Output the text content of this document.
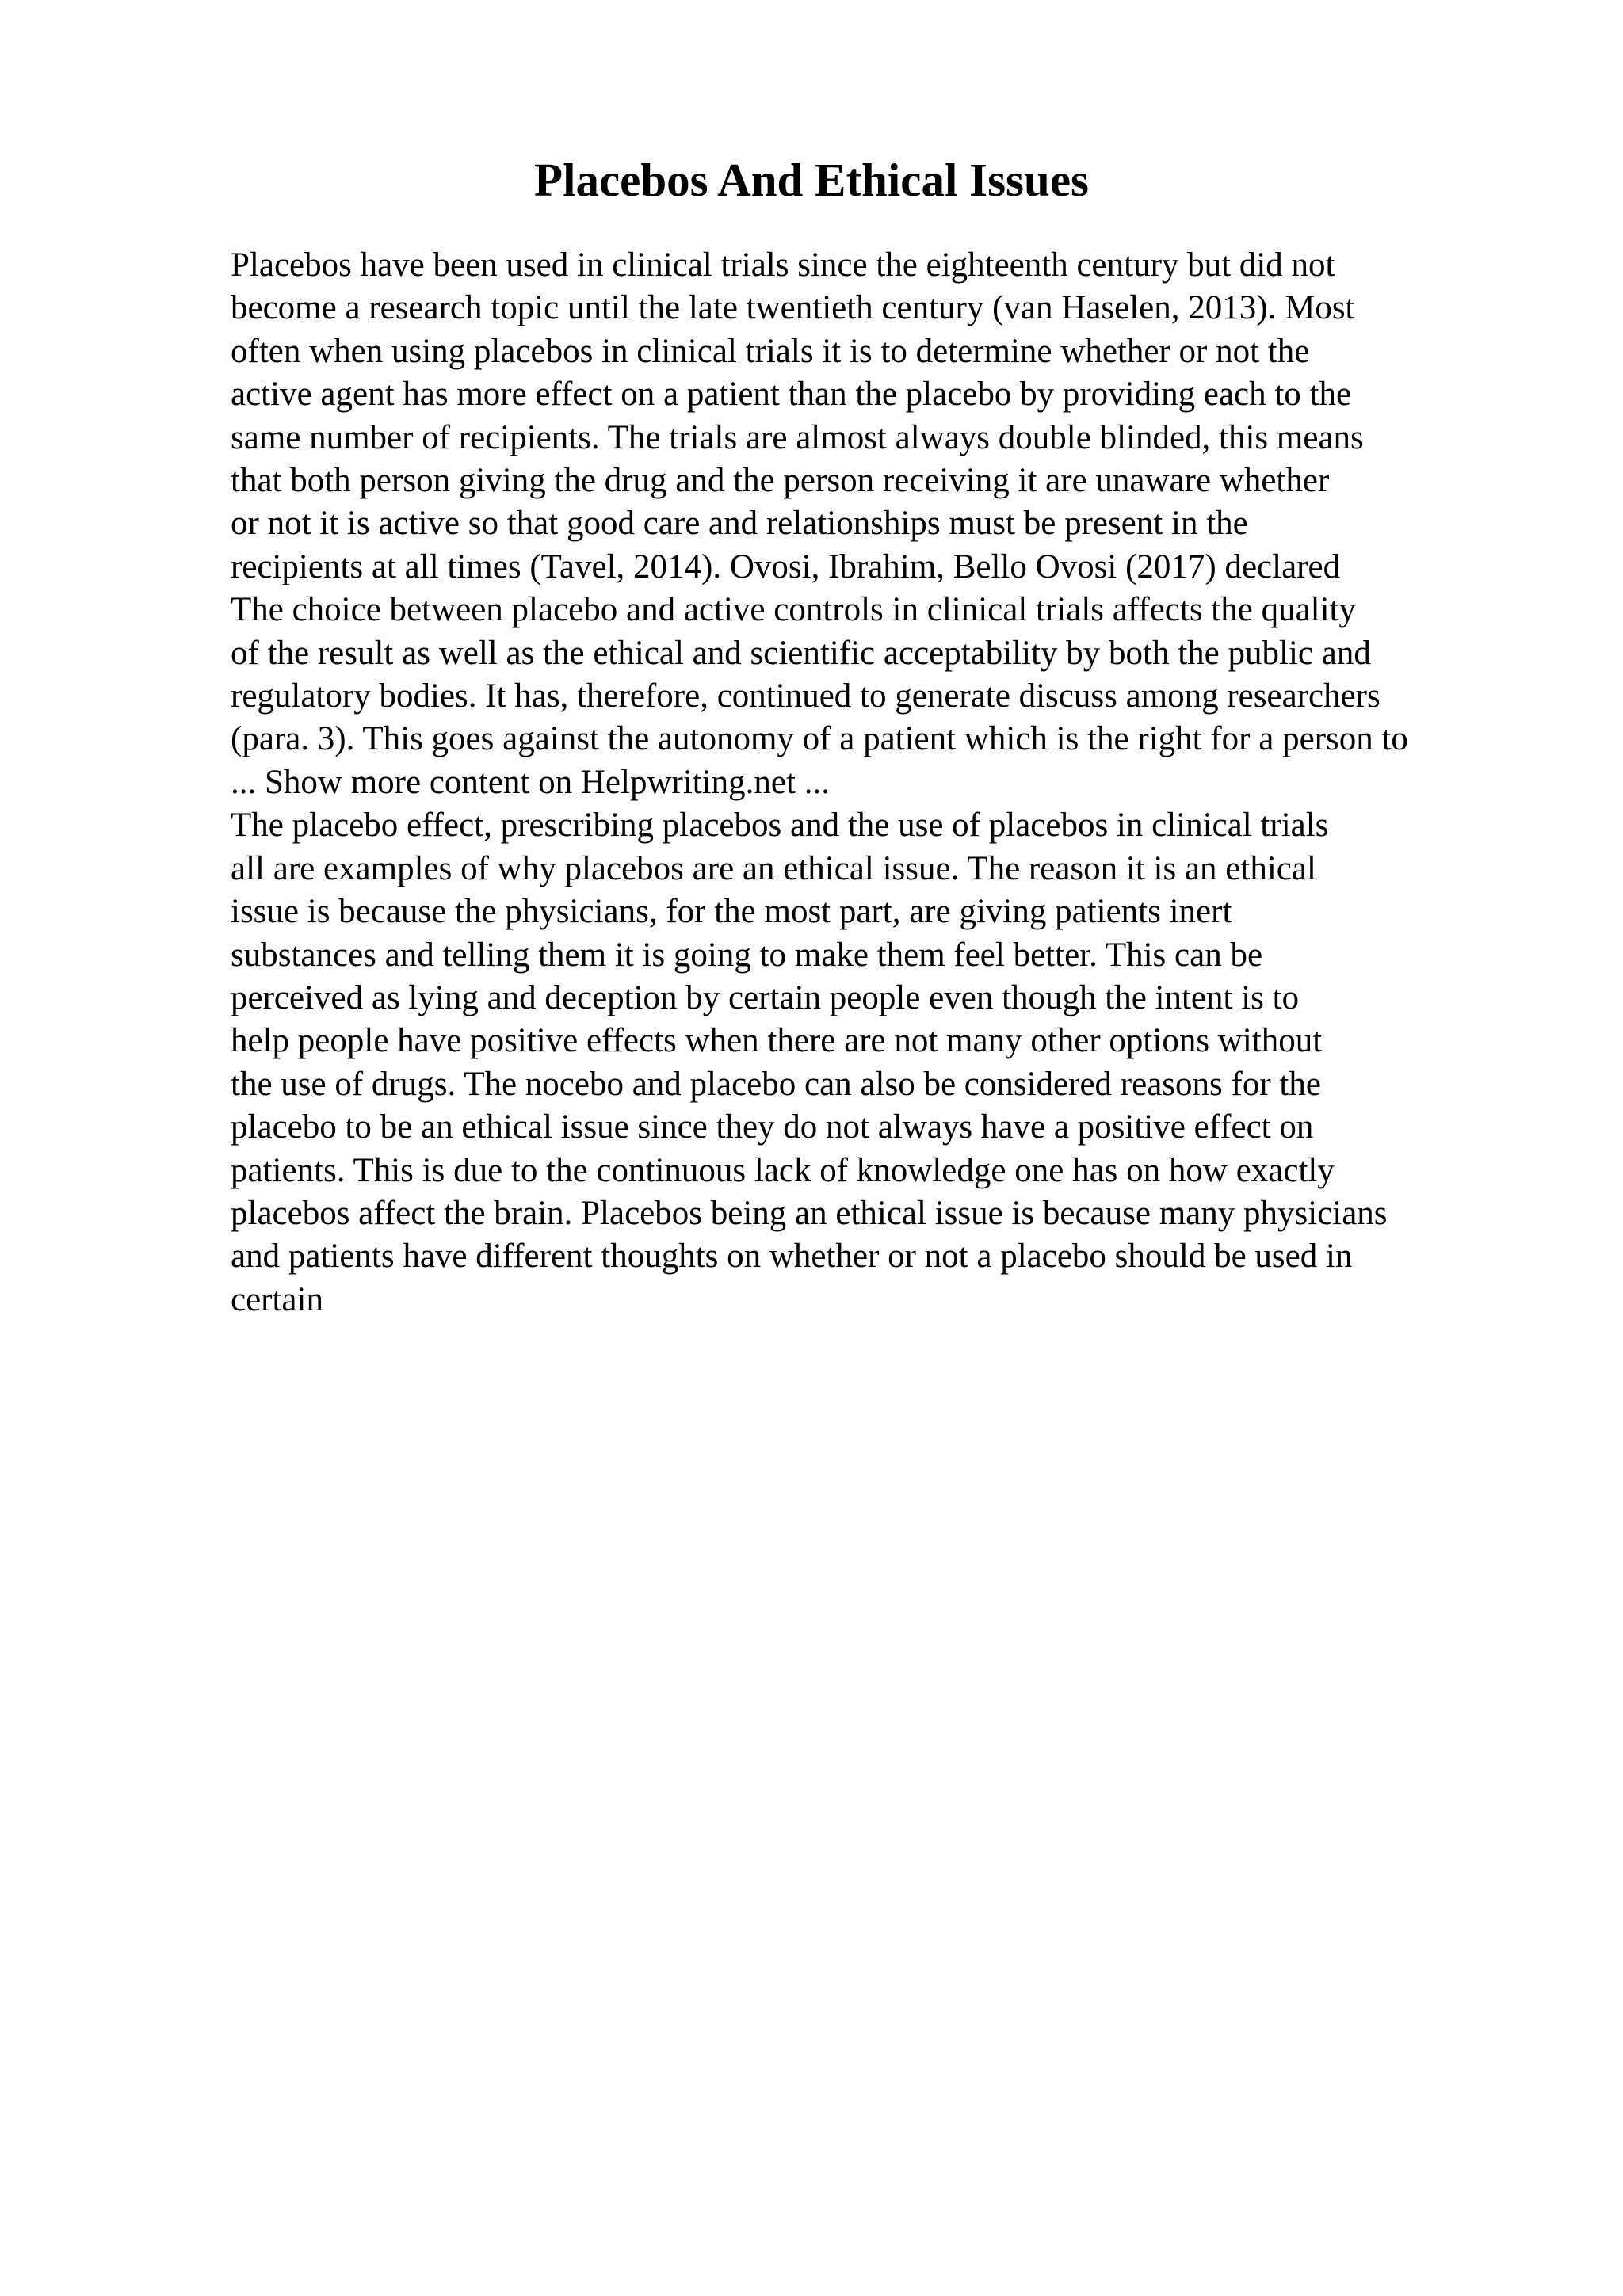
Placebos And Ethical Issues
Placebos have been used in clinical trials since the eighteenth century but did not
become a research topic until the late twentieth century (van Haselen, 2013). Most
often when using placebos in clinical trials it is to determine whether or not the
active agent has more effect on a patient than the placebo by providing each to the
same number of recipients. The trials are almost always double blinded, this means
that both person giving the drug and the person receiving it are unaware whether
or not it is active so that good care and relationships must be present in the
recipients at all times (Tavel, 2014). Ovosi, Ibrahim, Bello Ovosi (2017) declared
The choice between placebo and active controls in clinical trials affects the quality
of the result as well as the ethical and scientific acceptability by both the public and
regulatory bodies. It has, therefore, continued to generate discuss among researchers
(para. 3). This goes against the autonomy of a patient which is the right for a person to
... Show more content on Helpwriting.net ...
The placebo effect, prescribing placebos and the use of placebos in clinical trials
all are examples of why placebos are an ethical issue. The reason it is an ethical
issue is because the physicians, for the most part, are giving patients inert
substances and telling them it is going to make them feel better. This can be
perceived as lying and deception by certain people even though the intent is to
help people have positive effects when there are not many other options without
the use of drugs. The nocebo and placebo can also be considered reasons for the
placebo to be an ethical issue since they do not always have a positive effect on
patients. This is due to the continuous lack of knowledge one has on how exactly
placebos affect the brain. Placebos being an ethical issue is because many physicians
and patients have different thoughts on whether or not a placebo should be used in
certain
